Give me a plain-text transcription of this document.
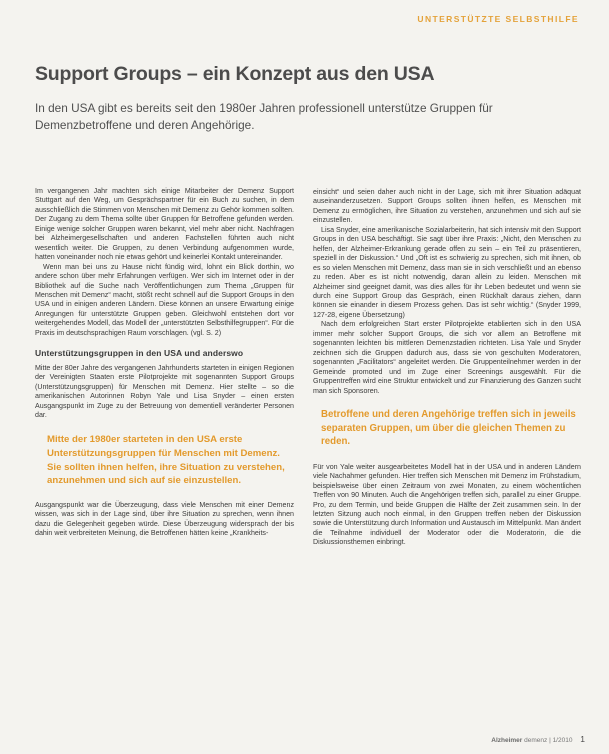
UNTERSTÜTZTE SELBSTHILFE
Support Groups – ein Konzept aus den USA

In den USA gibt es bereits seit den 1980er Jahren professionell unterstütze Gruppen für Demenzbetroffene und deren Angehörige.

Im vergangenen Jahr machten sich einige Mitarbeiter der Demenz Support Stuttgart auf den Weg, um Gesprächspartner für ein Buch zu suchen, in dem ausschließlich die Stimmen von Menschen mit Demenz zu Gehör kommen sollten. Der Zugang zu dem Thema sollte über Gruppen für Betroffene gefunden werden. Einige wenige solcher Gruppen waren bekannt, viel mehr aber nicht. Nachfragen bei Alzheimergesellschaften und anderen Fachstellen führten auch nicht wesentlich weiter. Die Gruppen, zu denen Verbindung aufgenommen wurde, hatten voneinander noch nie etwas gehört und keinerlei Kontakt untereinander.

Wenn man bei uns zu Hause nicht fündig wird, lohnt ein Blick dorthin, wo andere schon über mehr Erfahrungen verfügen. Wer sich im Internet oder in der Bibliothek auf die Suche nach Veröffentlichungen zum Thema „Gruppen für Menschen mit Demenz“ macht, stößt recht schnell auf die Support Groups in den USA und in einigen anderen Ländern. Diese können an unsere Erwartung einige Anregungen für unterstützte Gruppen geben. Gleichwohl entstehen dort vor weitergehendes Modell, das Modell der „unterstützten Selbsthilfegruppen“. Für die Praxis im deutschsprachigen Raum vorschlagen. (vgl. S. 2)

Unterstützungsgruppen in den USA und anderswo

Mitte der 80er Jahre des vergangenen Jahrhunderts starteten in einigen Regionen der Vereinigten Staaten erste Pilotprojekte mit sogenannten Support Groups (Unterstützungsgruppen) für Menschen mit Demenz. Hier stellte – so die amerikanischen Autorinnen Robyn Yale und Lisa Snyder – einen ersten Ausgangspunkt im Zuge zu der Betreuung von dementiell veränderter Personen dar.

Mitte der 1980er starteten in den USA erste Unterstützungsgruppen für Menschen mit Demenz. Sie sollten ihnen helfen, ihre Situation zu verstehen, anzunehmen und sich auf sie einzustellen.

Ausgangspunkt war die Überzeugung, dass viele Menschen mit einer Demenz wissen, was sich in der Lage sind, über ihre Situation zu sprechen, wenn ihnen dazu die Gelegenheit gegeben würde. Diese Überzeugung widersprach der bis dahin weit verbreiteten Meinung, die Betroffenen hätten keine „Krankheits-

einsicht“ und seien daher auch nicht in der Lage, sich mit ihrer Situation adäquat auseinanderzusetzen. Support Groups sollten ihnen helfen, es Menschen mit Demenz zu ermöglichen, ihre Situation zu verstehen, anzunehmen und sich auf sie einzustellen.

Lisa Snyder, eine amerikanische Sozialarbeiterin, hat sich intensiv mit den Support Groups in den USA beschäftigt. Sie sagt über ihre Praxis: „Nicht, den Menschen zu helfen, der Alzheimer-Erkrankung gerade offen zu sein – ein Teil zu präsentieren, speziell in der Diskussion.“ Und „Oft ist es schwierig zu sprechen, sich mit ihnen, ob es so vielen Menschen mit Demenz, dass man sie in sich verschließt und an ebenso zu reden. Aber es ist nicht notwendig, daran allein zu leiden. Menschen mit Alzheimer sind geeignet damit, was dies alles für ihr Leben bedeutet und wenn sie durch eine Support Group das Gespräch, einen Rückhalt daraus ziehen, dann können sie einander in diesem Prozess gehen. Das ist sehr wichtig.“ (Snyder 1999, 127-28, eigene Übersetzung)

Nach dem erfolgreichen Start erster Pilotprojekte etablierten sich in den USA immer mehr solcher Support Groups, die sich vor allem an Betroffene mit sogenannten leichten bis mittleren Demenzstadien richteten. Lisa Yale und Snyder zeichnen sich die Gruppen dadurch aus, dass sie von geschulten Moderatoren, sogenannten „Facilitators“ angeleitet werden. Die Gruppenteilnehmer werden in der Gemeinde promoted und im Zuge einer Screenings ausgewählt. Für die Gruppentreffen wird eine Struktur entwickelt und zur Finanzierung des Ganzen sucht man sich Sponsoren.

Betroffene und deren Angehörige treffen sich in jeweils separaten Gruppen, um über die gleichen Themen zu reden.

Für von Yale weiter ausgearbeitetes Modell hat in der USA und in anderen Ländern viele Nachahmer gefunden. Hier treffen sich Menschen mit Demenz im Frühstadium, beispielsweise über einen Zeitraum von zwei Monaten, zu einem wöchentlichen Treffen von 90 Minuten. Auch die Angehörigen treffen sich, parallel zu einer Gruppe. Pro, zu dem Termin, und beide Gruppen die Hälfte der Zeit zusammen sein. In der letzten Sitzung auch noch einmal, in den Gruppen treffen neben der Diskussion sowie die Unterstützung durch Information und Austausch im Mittelpunkt. Man ändert die Teilnahme individuell der Moderator oder die Moderatorin, die die Diskussionsthemen einbringt.

Alzheimer demenz | 1/2010 1
